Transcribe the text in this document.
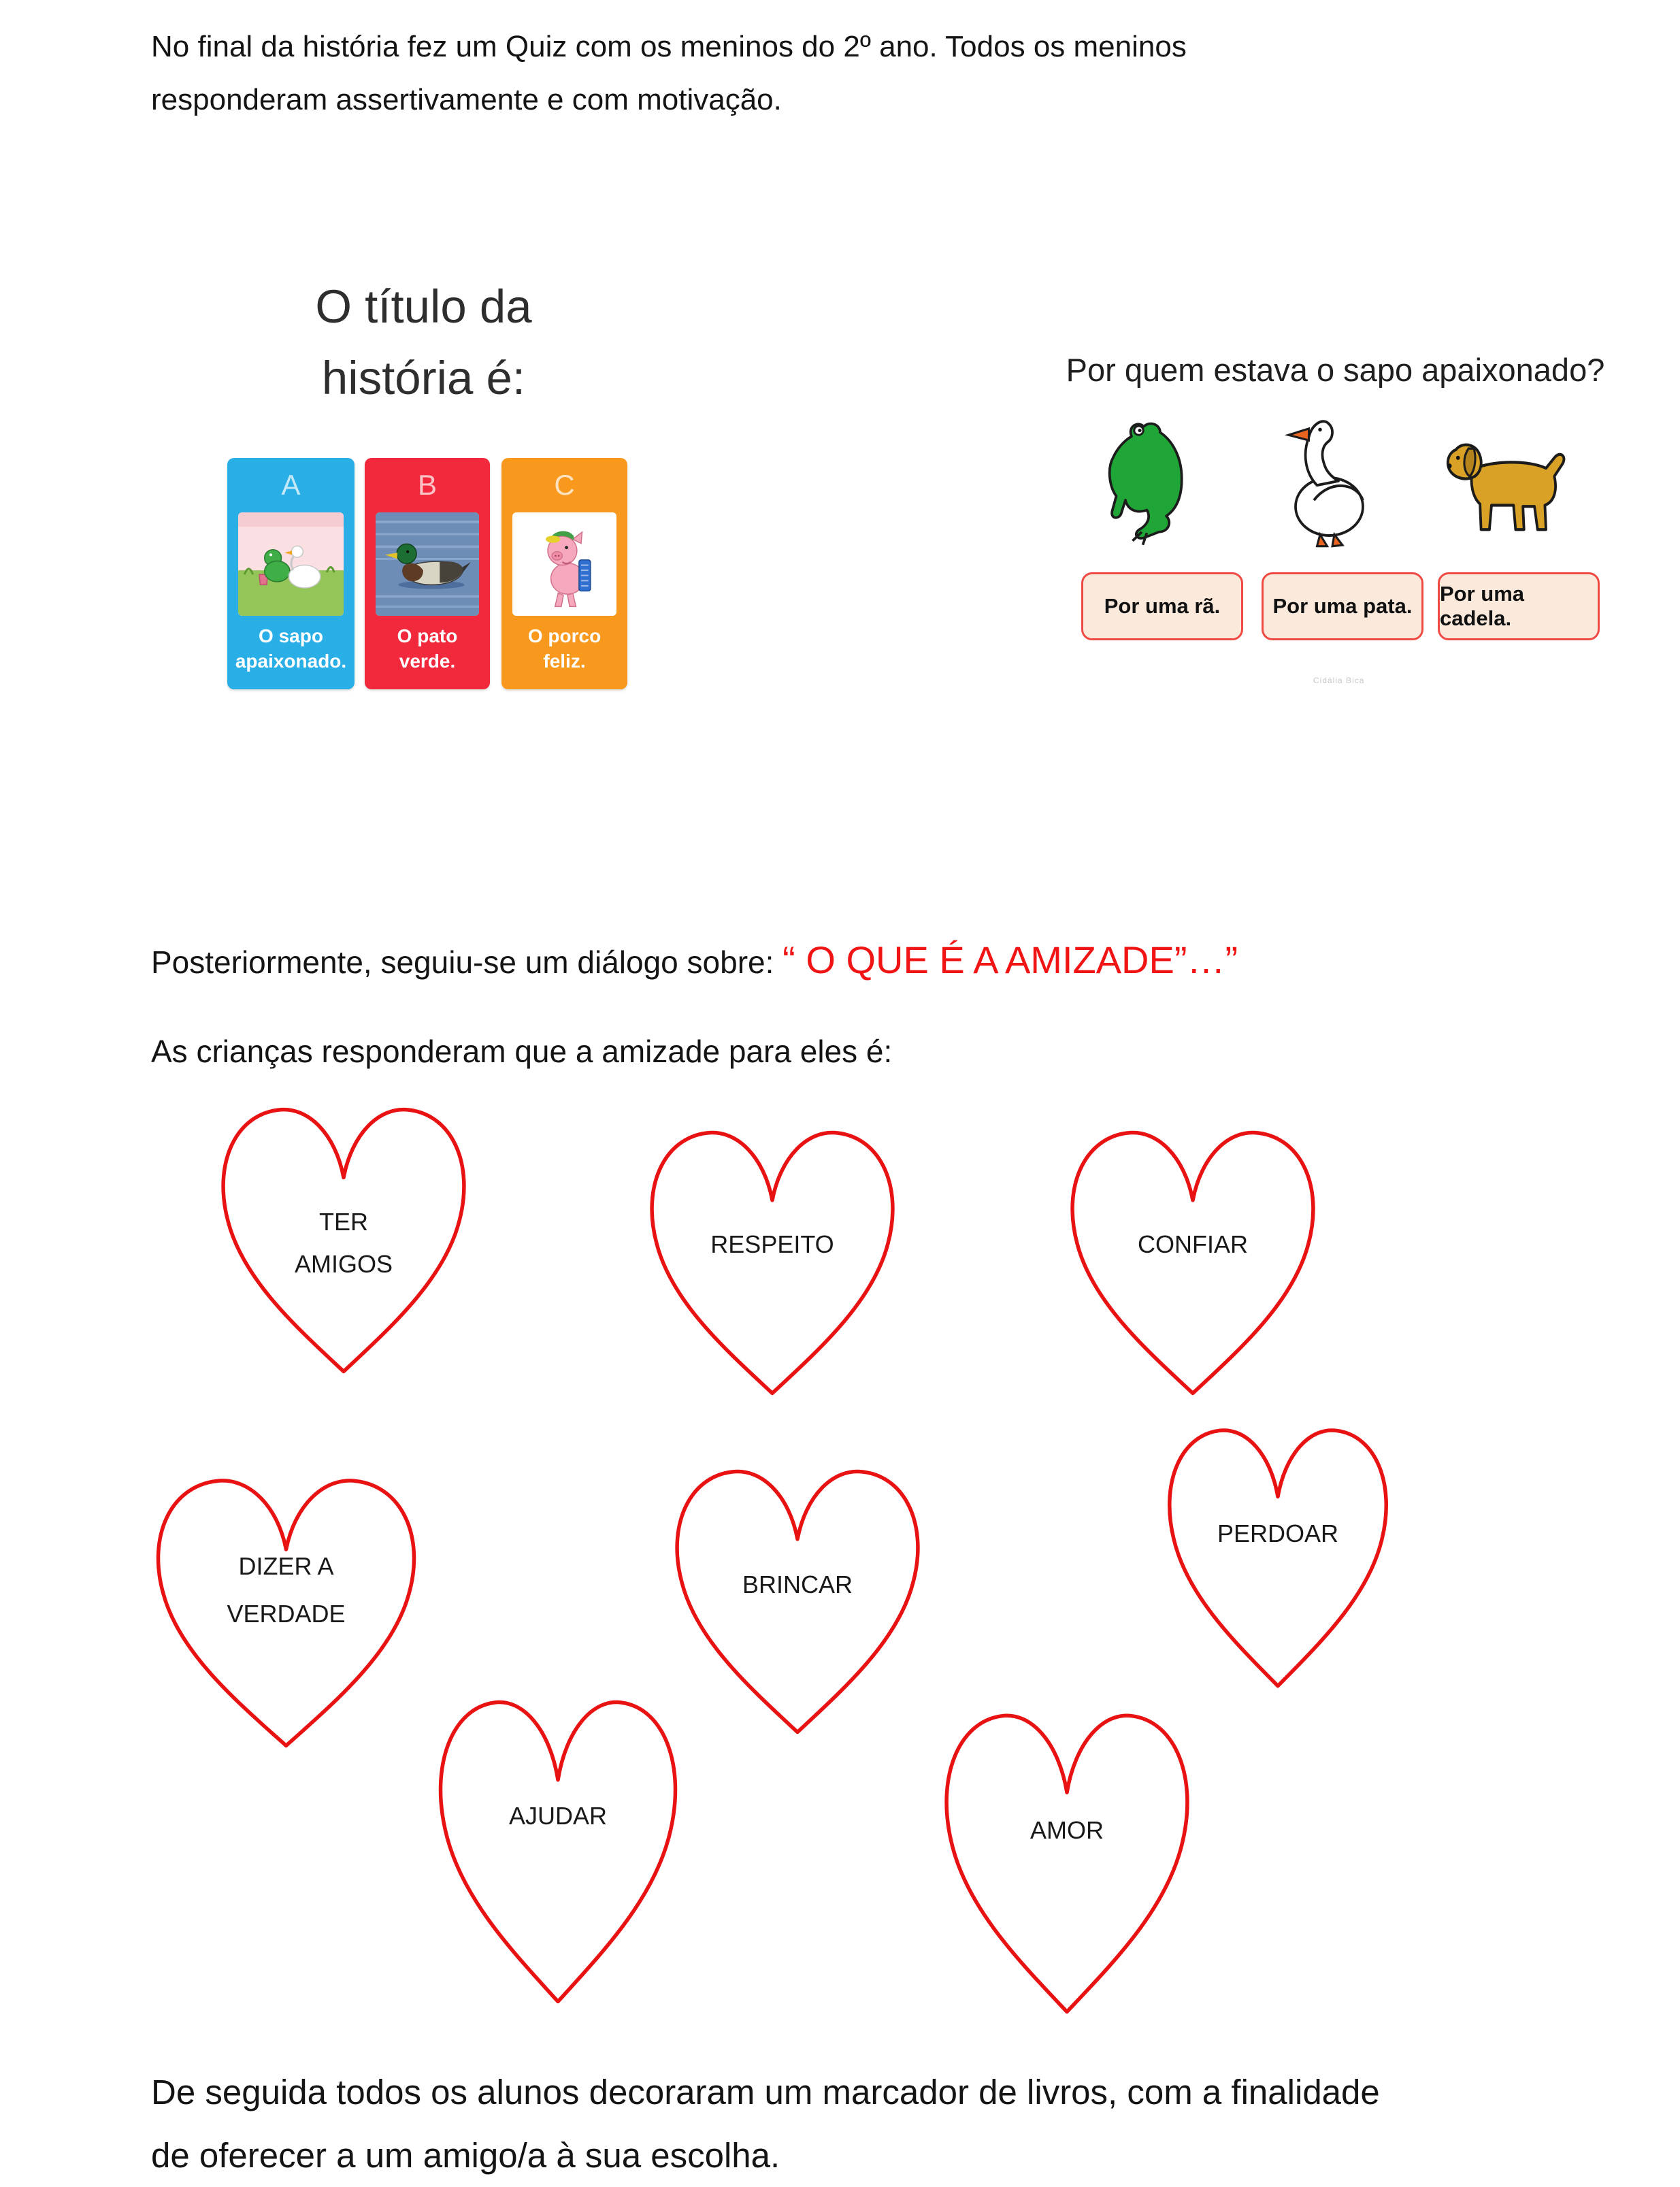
No final da história fez um Quiz com os meninos do 2º ano. Todos os meninos
responderam assertivamente e com motivação.
O título da
história é:
A
O sapo
apaixonado.
B
O pato
verde.
C
O porco
feliz.
Por quem estava o sapo apaixonado?
Por uma rã. Por uma pata.
Por uma cadela.
Cidália Bica
Posteriormente, seguiu-se um diálogo sobre: “ O QUE É A AMIZADE”…”
As crianças responderam que a amizade para eles é:
TER
AMIGOS
RESPEITO	CONFIAR
DIZER A
VERDADE
BRINCAR
PERDOAR
AJUDAR
AMOR
De seguida todos os alunos decoraram um marcador de livros, com a finalidade
de oferecer a um amigo/a à sua escolha.
